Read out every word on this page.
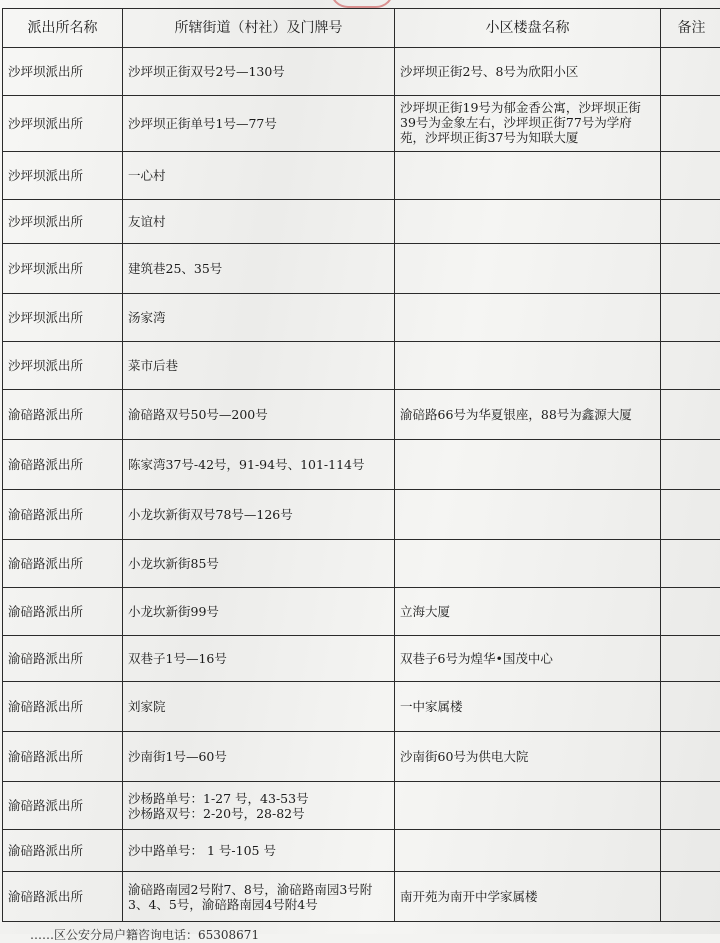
派出所名称	所辖街道（村社）及门牌号	小区楼盘名称	备注
沙坪坝派出所	沙坪坝正街双号2号—130号	沙坪坝正街2号、8号为欣阳小区	
沙坪坝派出所	沙坪坝正街单号1号—77号	沙坪坝正街19号为郁金香公寓，沙坪坝正街39号为金象左右，沙坪坝正街77号为学府苑，沙坪坝正街37号为知联大厦	
沙坪坝派出所	一心村		
沙坪坝派出所	友谊村		
沙坪坝派出所	建筑巷25、35号		
沙坪坝派出所	汤家湾		
沙坪坝派出所	菜市后巷		
渝碚路派出所	渝碚路双号50号—200号	渝碚路66号为华夏银座，88号为鑫源大厦	
渝碚路派出所	陈家湾37号-42号，91-94号、101-114号		
渝碚路派出所	小龙坎新街双号78号—126号		
渝碚路派出所	小龙坎新街85号		
渝碚路派出所	小龙坎新街99号	立海大厦	
渝碚路派出所	双巷子1号—16号	双巷子6号为煌华•国茂中心	
渝碚路派出所	刘家院	一中家属楼	
渝碚路派出所	沙南街1号—60号	沙南街60号为供电大院	
渝碚路派出所	沙杨路单号：1-27 号，43-53号
沙杨路双号：2-20号，28-82号		
渝碚路派出所	沙中路单号： 1 号-105 号		
渝碚路派出所	渝碚路南园2号附7、8号，渝碚路南园3号附3、4、5号，渝碚路南园4号附4号	南开苑为南开中学家属楼	
……区公安分局户籍咨询电话：65308671
